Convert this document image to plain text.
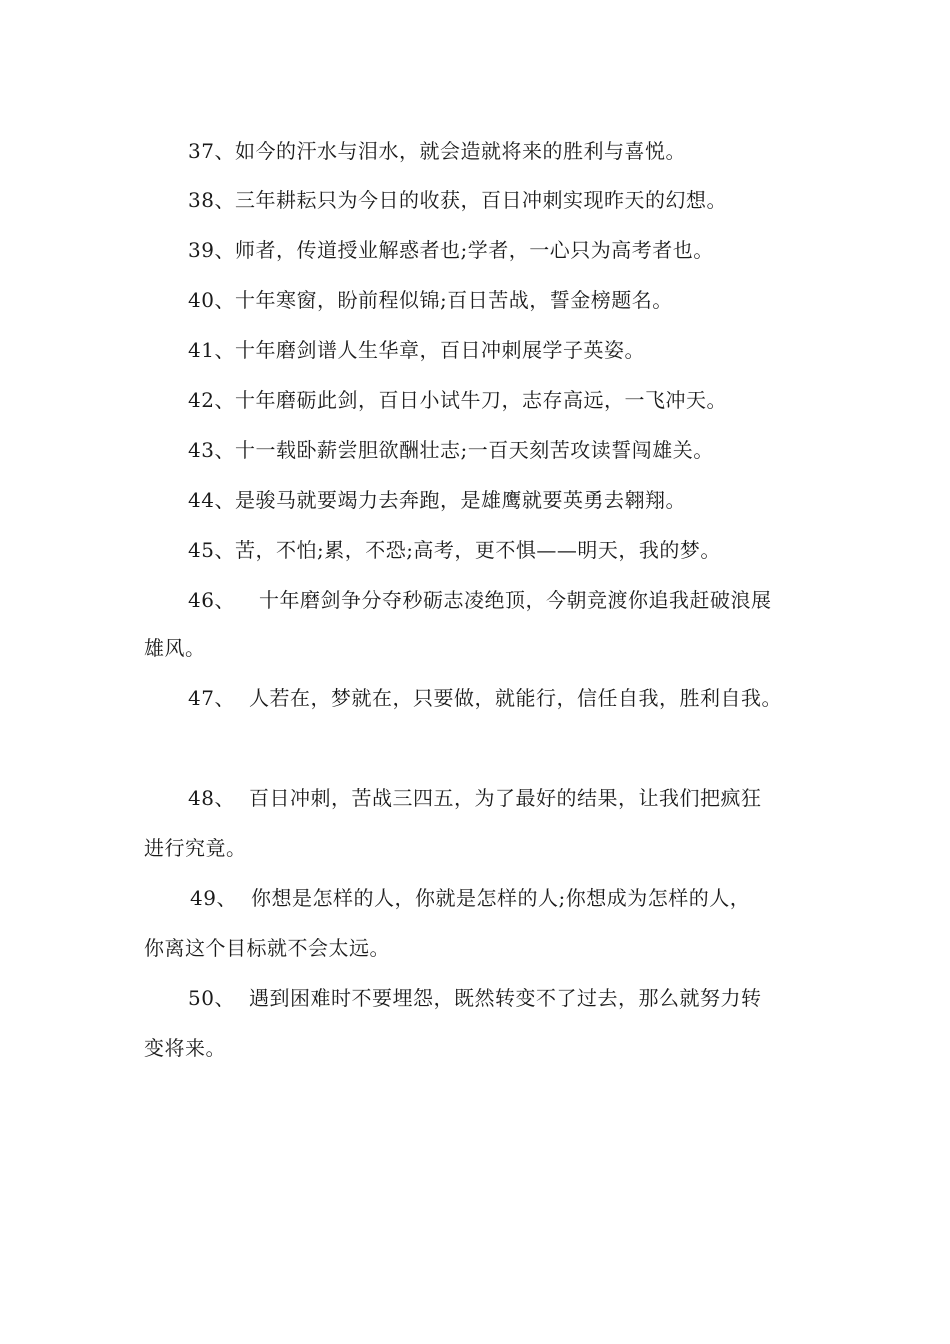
37、如今的汗水与泪水，就会造就将来的胜利与喜悦。
38、三年耕耘只为今日的收获，百日冲刺实现昨天的幻想。
39、师者，传道授业解惑者也;学者，一心只为高考者也。
40、十年寒窗，盼前程似锦;百日苦战，誓金榜题名。
41、十年磨剑谱人生华章，百日冲刺展学子英姿。
42、十年磨砺此剑，百日小试牛刀，志存高远，一飞冲天。
43、十一载卧薪尝胆欲酬壮志;一百天刻苦攻读誓闯雄关。
44、是骏马就要竭力去奔跑，是雄鹰就要英勇去翱翔。
45、苦，不怕;累，不恐;高考，更不惧——明天，我的梦。
46、 十年磨剑争分夺秒砺志凌绝顶，今朝竞渡你追我赶破浪展
雄风。
47、 人若在，梦就在，只要做，就能行，信任自我，胜利自我。
48、 百日冲刺，苦战三四五，为了最好的结果，让我们把疯狂
进行究竟。
49、 你想是怎样的人，你就是怎样的人;你想成为怎样的人，
你离这个目标就不会太远。
50、 遇到困难时不要埋怨，既然转变不了过去，那么就努力转
变将来。
